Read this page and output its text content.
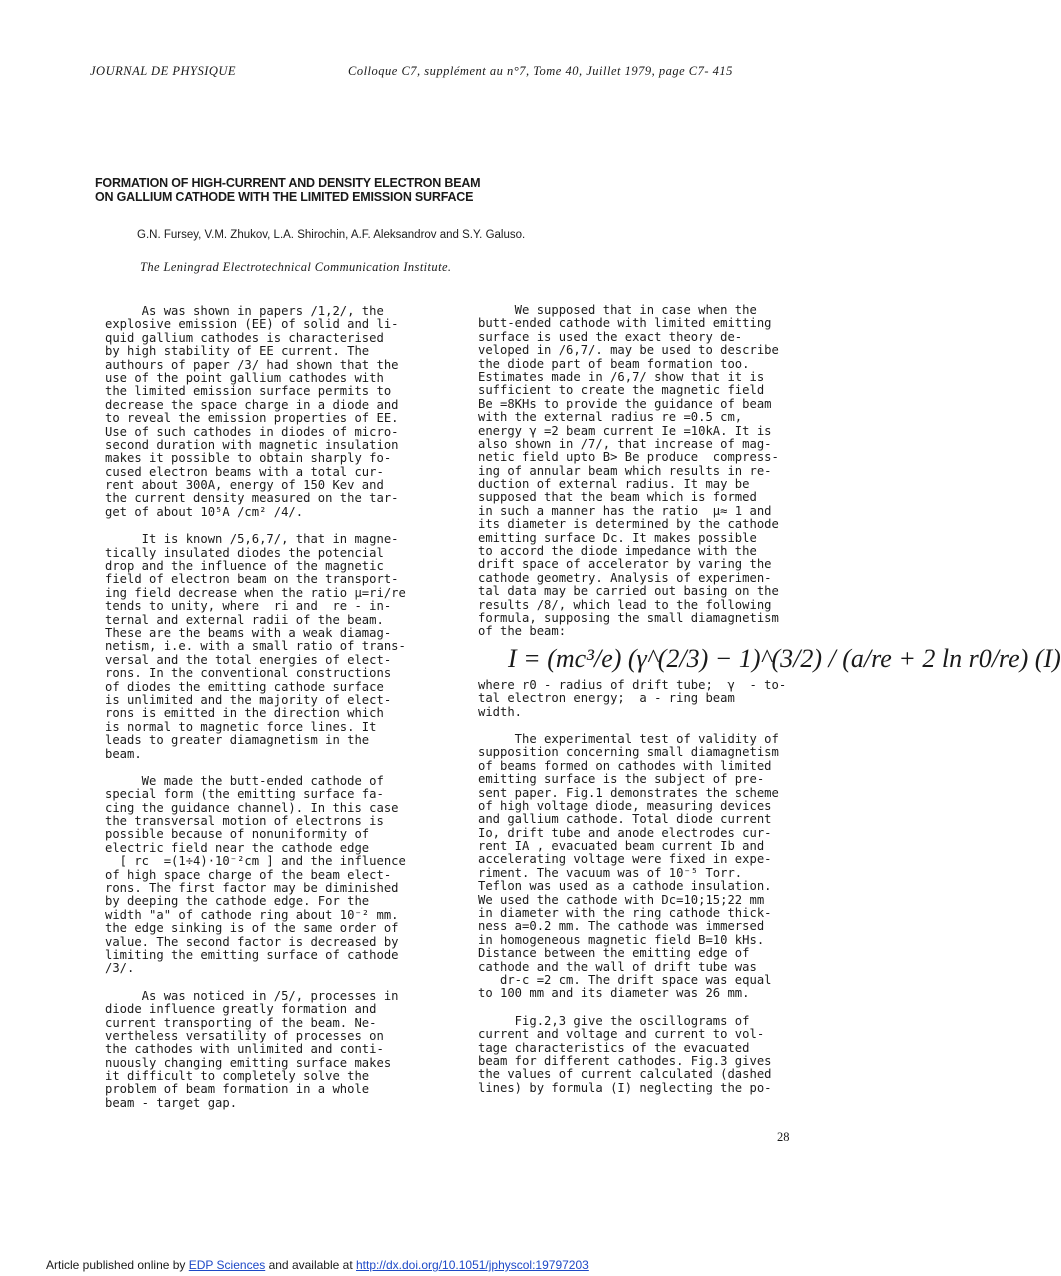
JOURNAL DE PHYSIQUE	Colloque C7, supplément au n°7, Tome 40, Juillet 1979, page C7- 415
FORMATION OF HIGH-CURRENT AND DENSITY ELECTRON BEAM
ON GALLIUM CATHODE WITH THE LIMITED EMISSION SURFACE
G.N. Fursey, V.M. Zhukov, L.A. Shirochin, A.F. Aleksandrov and S.Y. Galuso.
The Leningrad Electrotechnical Communication Institute.
As was shown in papers /1,2/, the
explosive emission (EE) of solid and li-
quid gallium cathodes is characterised
by high stability of EE current. The
authours of paper /3/ had shown that the
use of the point gallium cathodes with
the limited emission surface permits to
decrease the space charge in a diode and
to reveal the emission properties of EE.
Use of such cathodes in diodes of micro-
second duration with magnetic insulation
makes it possible to obtain sharply fo-
cused electron beams with a total cur-
rent about 300A, energy of 150 Kev and
the current density measured on the tar-
get of about 10⁵A /cm² /4/.
It is known /5,6,7/, that in magne-
tically insulated diodes the potencial
drop and the influence of the magnetic
field of electron beam on the transport-
ing field decrease when the ratio μ=ri/re
tends to unity, where  ri and  re - in-
ternal and external radii of the beam.
These are the beams with a weak diamag-
netism, i.e. with a small ratio of trans-
versal and the total energies of elect-
rons. In the conventional constructions
of diodes the emitting cathode surface
is unlimited and the majority of elect-
rons is emitted in the direction which
is normal to magnetic force lines. It
leads to greater diamagnetism in the
beam.
We made the butt-ended cathode of
special form (the emitting surface fa-
cing the guidance channel). In this case
the transversal motion of electrons is
possible because of nonuniformity of
electric field near the cathode edge
[ rc  =(1÷4)·10⁻²cm ] and the influence
of high space charge of the beam elect-
rons. The first factor may be diminished
by deeping the cathode edge. For the
width "a" of cathode ring about 10⁻² mm.
the edge sinking is of the same order of
value. The second factor is decreased by
limiting the emitting surface of cathode
/3/.
As was noticed in /5/, processes in
diode influence greatly formation and
current transporting of the beam. Ne-
vertheless versatility of processes on
the cathodes with unlimited and conti-
nuously changing emitting surface makes
it difficult to completely solve the
problem of beam formation in a whole
beam - target gap.
We supposed that in case when the
butt-ended cathode with limited emitting
surface is used the exact theory de-
veloped in /6,7/. may be used to describe
the diode part of beam formation too.
Estimates made in /6,7/ show that it is
sufficient to create the magnetic field
Be =8KHs to provide the guidance of beam
with the external radius re =0.5 cm,
energy γ =2 beam current Ie =10kA. It is
also shown in /7/, that increase of mag-
netic field upto B> Be produce  compress-
ing of annular beam which results in re-
duction of external radius. It may be
supposed that the beam which is formed
in such a manner has the ratio  μ≈ 1 and
its diameter is determined by the cathode
emitting surface Dc. It makes possible
to accord the diode impedance with the
drift space of accelerator by varing the
cathode geometry. Analysis of experimen-
tal data may be carried out basing on the
results /8/, which lead to the following
formula, supposing the small diamagnetism
of the beam:
I = (mc³/e) (γ^(2/3) − 1)^(3/2) / (a/re + 2 ln r0/re) (I)
where r0 - radius of drift tube;  γ  - to-
tal electron energy;  a - ring beam
width.
The experimental test of validity of
supposition concerning small diamagnetism
of beams formed on cathodes with limited
emitting surface is the subject of pre-
sent paper. Fig.1 demonstrates the scheme
of high voltage diode, measuring devices
and gallium cathode. Total diode current
Io, drift tube and anode electrodes cur-
rent IA , evacuated beam current Ib and
accelerating voltage were fixed in expe-
riment. The vacuum was of 10⁻⁵ Torr.
Teflon was used as a cathode insulation.
We used the cathode with Dc=10;15;22 mm
in diameter with the ring cathode thick-
ness a=0.2 mm. The cathode was immersed
in homogeneous magnetic field B=10 kHs.
Distance between the emitting edge of
cathode and the wall of drift tube was
dr-c =2 cm. The drift space was equal
to 100 mm and its diameter was 26 mm.
Fig.2,3 give the oscillograms of
current and voltage and current to vol-
tage characteristics of the evacuated
beam for different cathodes. Fig.3 gives
the values of current calculated (dashed
lines) by formula (I) neglecting the po-
28
Article published online by EDP Sciences and available at http://dx.doi.org/10.1051/jphyscol:19797203
